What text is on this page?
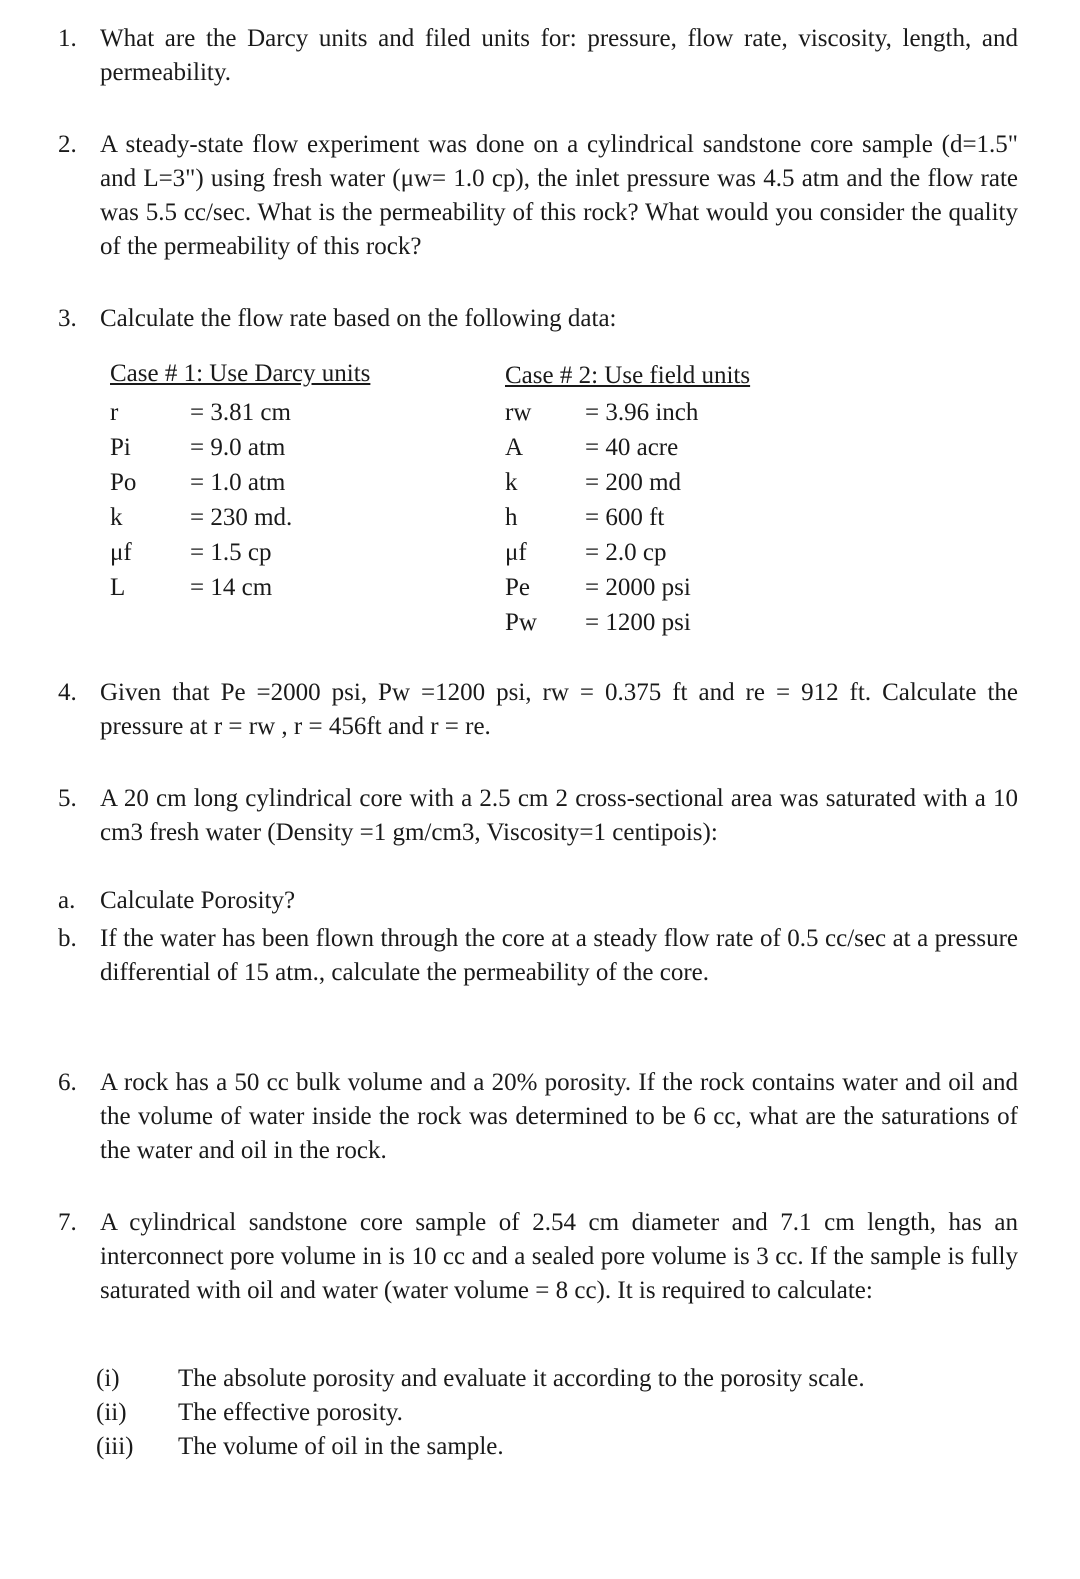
1. What are the Darcy units and filed units for: pressure, flow rate, viscosity, length, and permeability.
2. A steady-state flow experiment was done on a cylindrical sandstone core sample (d=1.5" and L=3") using fresh water (μw= 1.0 cp), the inlet pressure was 4.5 atm and the flow rate was 5.5 cc/sec. What is the permeability of this rock? What would you consider the quality of the permeability of this rock?
3. Calculate the flow rate based on the following data:
Case # 1: Use Darcy units
r	= 3.81 cm
Pi = 9.0 atm
Po = 1.0 atm
k	= 230 md.
μf = 1.5 cp
L	= 14 cm
Case # 2: Use field units
rw = 3.96 inch
A = 40 acre
k	= 200 md
h	= 600 ft
μf = 2.0 cp
Pe = 2000 psi
Pw = 1200 psi
4. Given that Pe =2000 psi, Pw =1200 psi, rw = 0.375 ft and re = 912 ft. Calculate the pressure at r = rw , r = 456ft and r = re.
5. A 20 cm long cylindrical core with a 2.5 cm 2 cross-sectional area was saturated with a 10 cm3 fresh water (Density =1 gm/cm3, Viscosity=1 centipois):
a. Calculate Porosity?
b. If the water has been flown through the core at a steady flow rate of 0.5 cc/sec at a pressure differential of 15 atm., calculate the permeability of the core.
6. A rock has a 50 cc bulk volume and a 20% porosity. If the rock contains water and oil and the volume of water inside the rock was determined to be 6 cc, what are the saturations of the water and oil in the rock.
7. A cylindrical sandstone core sample of 2.54 cm diameter and 7.1 cm length, has an interconnect pore volume in is 10 cc and a sealed pore volume is 3 cc. If the sample is fully saturated with oil and water (water volume = 8 cc). It is required to calculate:
(i) The absolute porosity and evaluate it according to the porosity scale.
(ii) The effective porosity.
(iii) The volume of oil in the sample.
